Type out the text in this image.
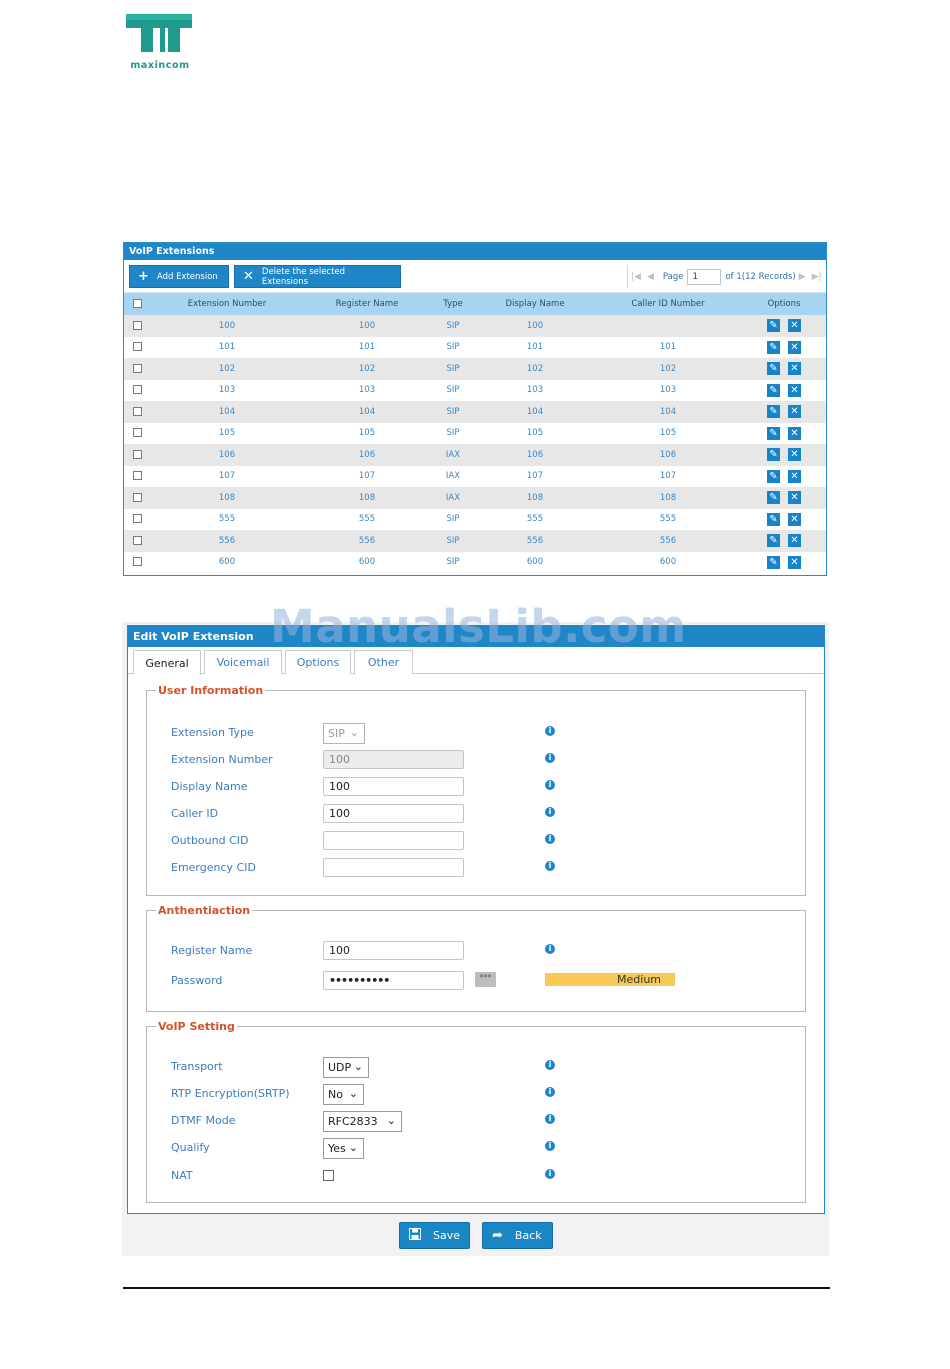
maxincom
VoIP Extensions
+ Add Extension ✕ Delete the selected Extensions	|◀ ◀ Page
1	of 1(12 Records) ▶ ▶|
	Extension Number	Register Name	Type	Display Name	Caller ID Number	Options
	100	100	SIP	100		✎ ✕
	101	101	SIP	101	101	✎ ✕
	102	102	SIP	102	102	✎ ✕
	103	103	SIP	103	103	✎ ✕
	104	104	SIP	104	104	✎ ✕
	105	105	SIP	105	105	✎ ✕
	106	106	IAX	106	106	✎ ✕
	107	107	IAX	107	107	✎ ✕
	108	108	IAX	108	108	✎ ✕
	555	555	SIP	555	555	✎ ✕
	556	556	SIP	556	556	✎ ✕
	600	600	SIP	600	600	✎ ✕
Edit VoIP Extension
General	Voicemail	Options	Other
User Information
Extension Type	SIP ⌄	i
Extension Number	100	i
Display Name	100	i
Caller ID	100	i
Outbound CID	i
Emergency CID	i
Anthentiaction
Register Name	100	i
Password	••••••••••	***	Medium
VoIP Setting
Transport	UDP ⌄	i
RTP Encryption(SRTP)	No ⌄	i
DTMF Mode	RFC2833 ⌄	i
Qualify	Yes ⌄	i
NAT	i
Save ➦ Back
ManualsLib.com
